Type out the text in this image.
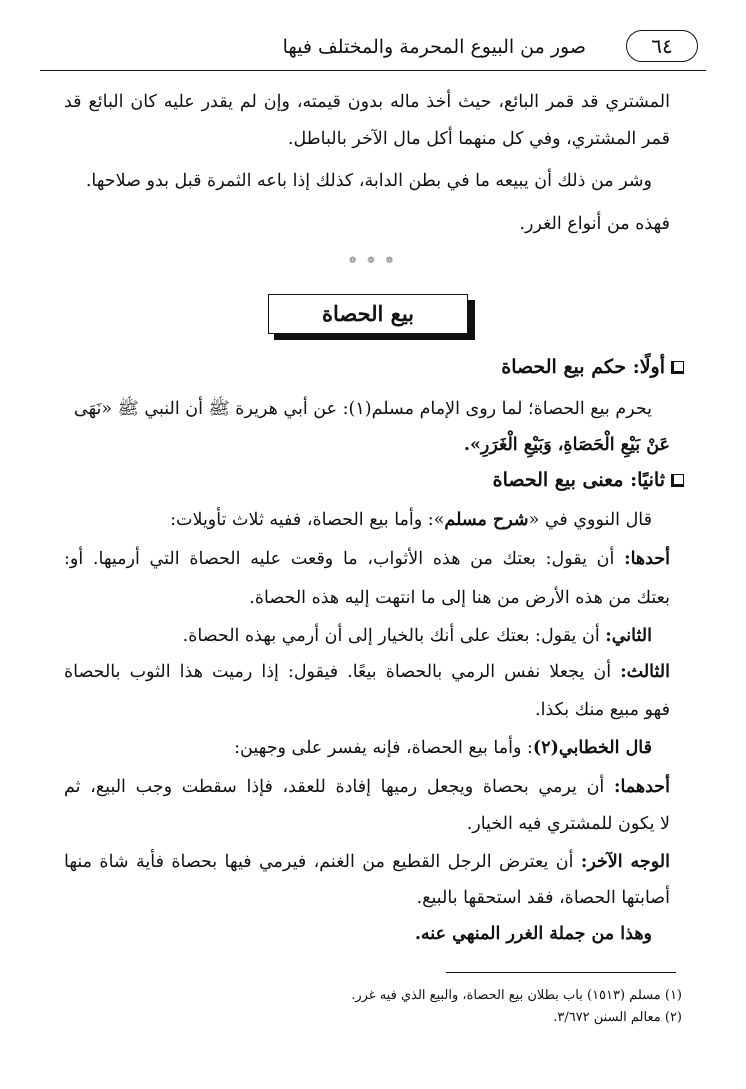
٦٤
صور من البيوع المحرمة والمختلف فيها
المشتري قد قمر البائع، حيث أخذ ماله بدون قيمته، وإن لم يقدر عليه كان البائع قد
قمر المشتري، وفي كل منهما أكل مال الآخر بالباطل.
وشر من ذلك أن يبيعه ما في بطن الدابة، كذلك إذا باعه الثمرة قبل بدو صلاحها.
فهذه من أنواع الغرر.
❁ ❁ ❁
بيع الحصاة
أولًا: حكم بيع الحصاة
يحرم بيع الحصاة؛ لما روى الإمام مسلم(١): عن أبي هريرة ﷺ أن النبي ﷺ «نَهَى
عَنْ بَيْعِ الْحَصَاةِ، وَبَيْعِ الْغَرَرِ».
ثانيًا: معنى بيع الحصاة
قال النووي في «شرح مسلم»: وأما بيع الحصاة، ففيه ثلاث تأويلات:
أحدها: أن يقول: بعتك من هذه الأثواب، ما وقعت عليه الحصاة التي أرميها. أو:
بعتك من هذه الأرض من هنا إلى ما انتهت إليه هذه الحصاة.
الثاني: أن يقول: بعتك على أنك بالخيار إلى أن أرمي بهذه الحصاة.
الثالث: أن يجعلا نفس الرمي بالحصاة بيعًا. فيقول: إذا رميت هذا الثوب بالحصاة
فهو مبيع منك بكذا.
قال الخطابي(٢): وأما بيع الحصاة، فإنه يفسر على وجهين:
أحدهما: أن يرمي بحصاة ويجعل رميها إفادة للعقد، فإذا سقطت وجب البيع، ثم
لا يكون للمشتري فيه الخيار.
الوجه الآخر: أن يعترض الرجل القطيع من الغنم، فيرمي فيها بحصاة فأية شاة منها
أصابتها الحصاة، فقد استحقها بالبيع.
وهذا من جملة الغرر المنهي عنه.
(١) مسلم (١٥١٣) باب بطلان بيع الحصاة، والبيع الذي فيه غرر.
(٢) معالم السنن ٣/٦٧٢.
